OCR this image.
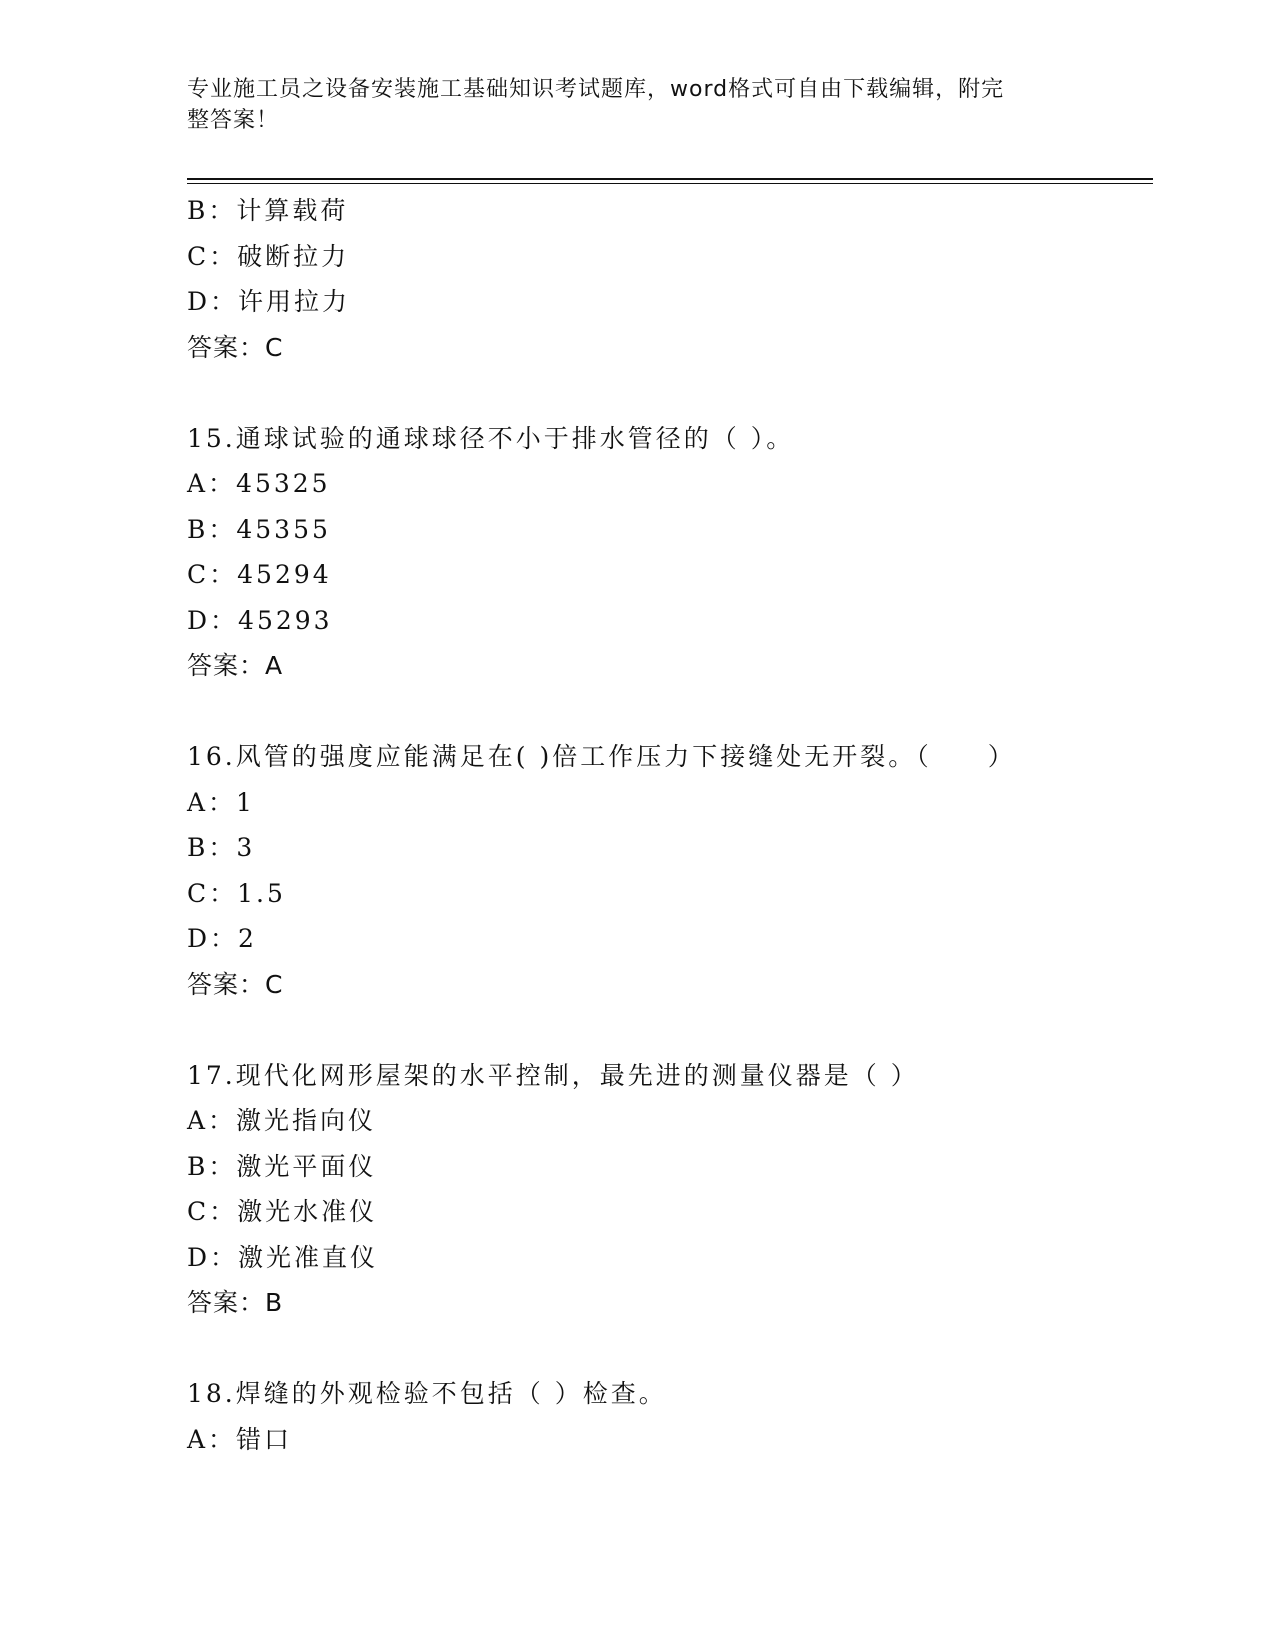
专业施工员之设备安装施工基础知识考试题库，word格式可自由下载编辑，附完
整答案！
B：计算载荷
C：破断拉力
D：许用拉力
答案：C
15.通球试验的通球球径不小于排水管径的（ ）。
A：45325
B：45355
C：45294
D：45293
答案：A
16.风管的强度应能满足在( )倍工作压力下接缝处无开裂。（　　）
A：1
B：3
C：1.5
D：2
答案：C
17.现代化网形屋架的水平控制，最先进的测量仪器是（ ）
A：激光指向仪
B：激光平面仪
C：激光水准仪
D：激光准直仪
答案：B
18.焊缝的外观检验不包括（ ）检查。
A：错口
